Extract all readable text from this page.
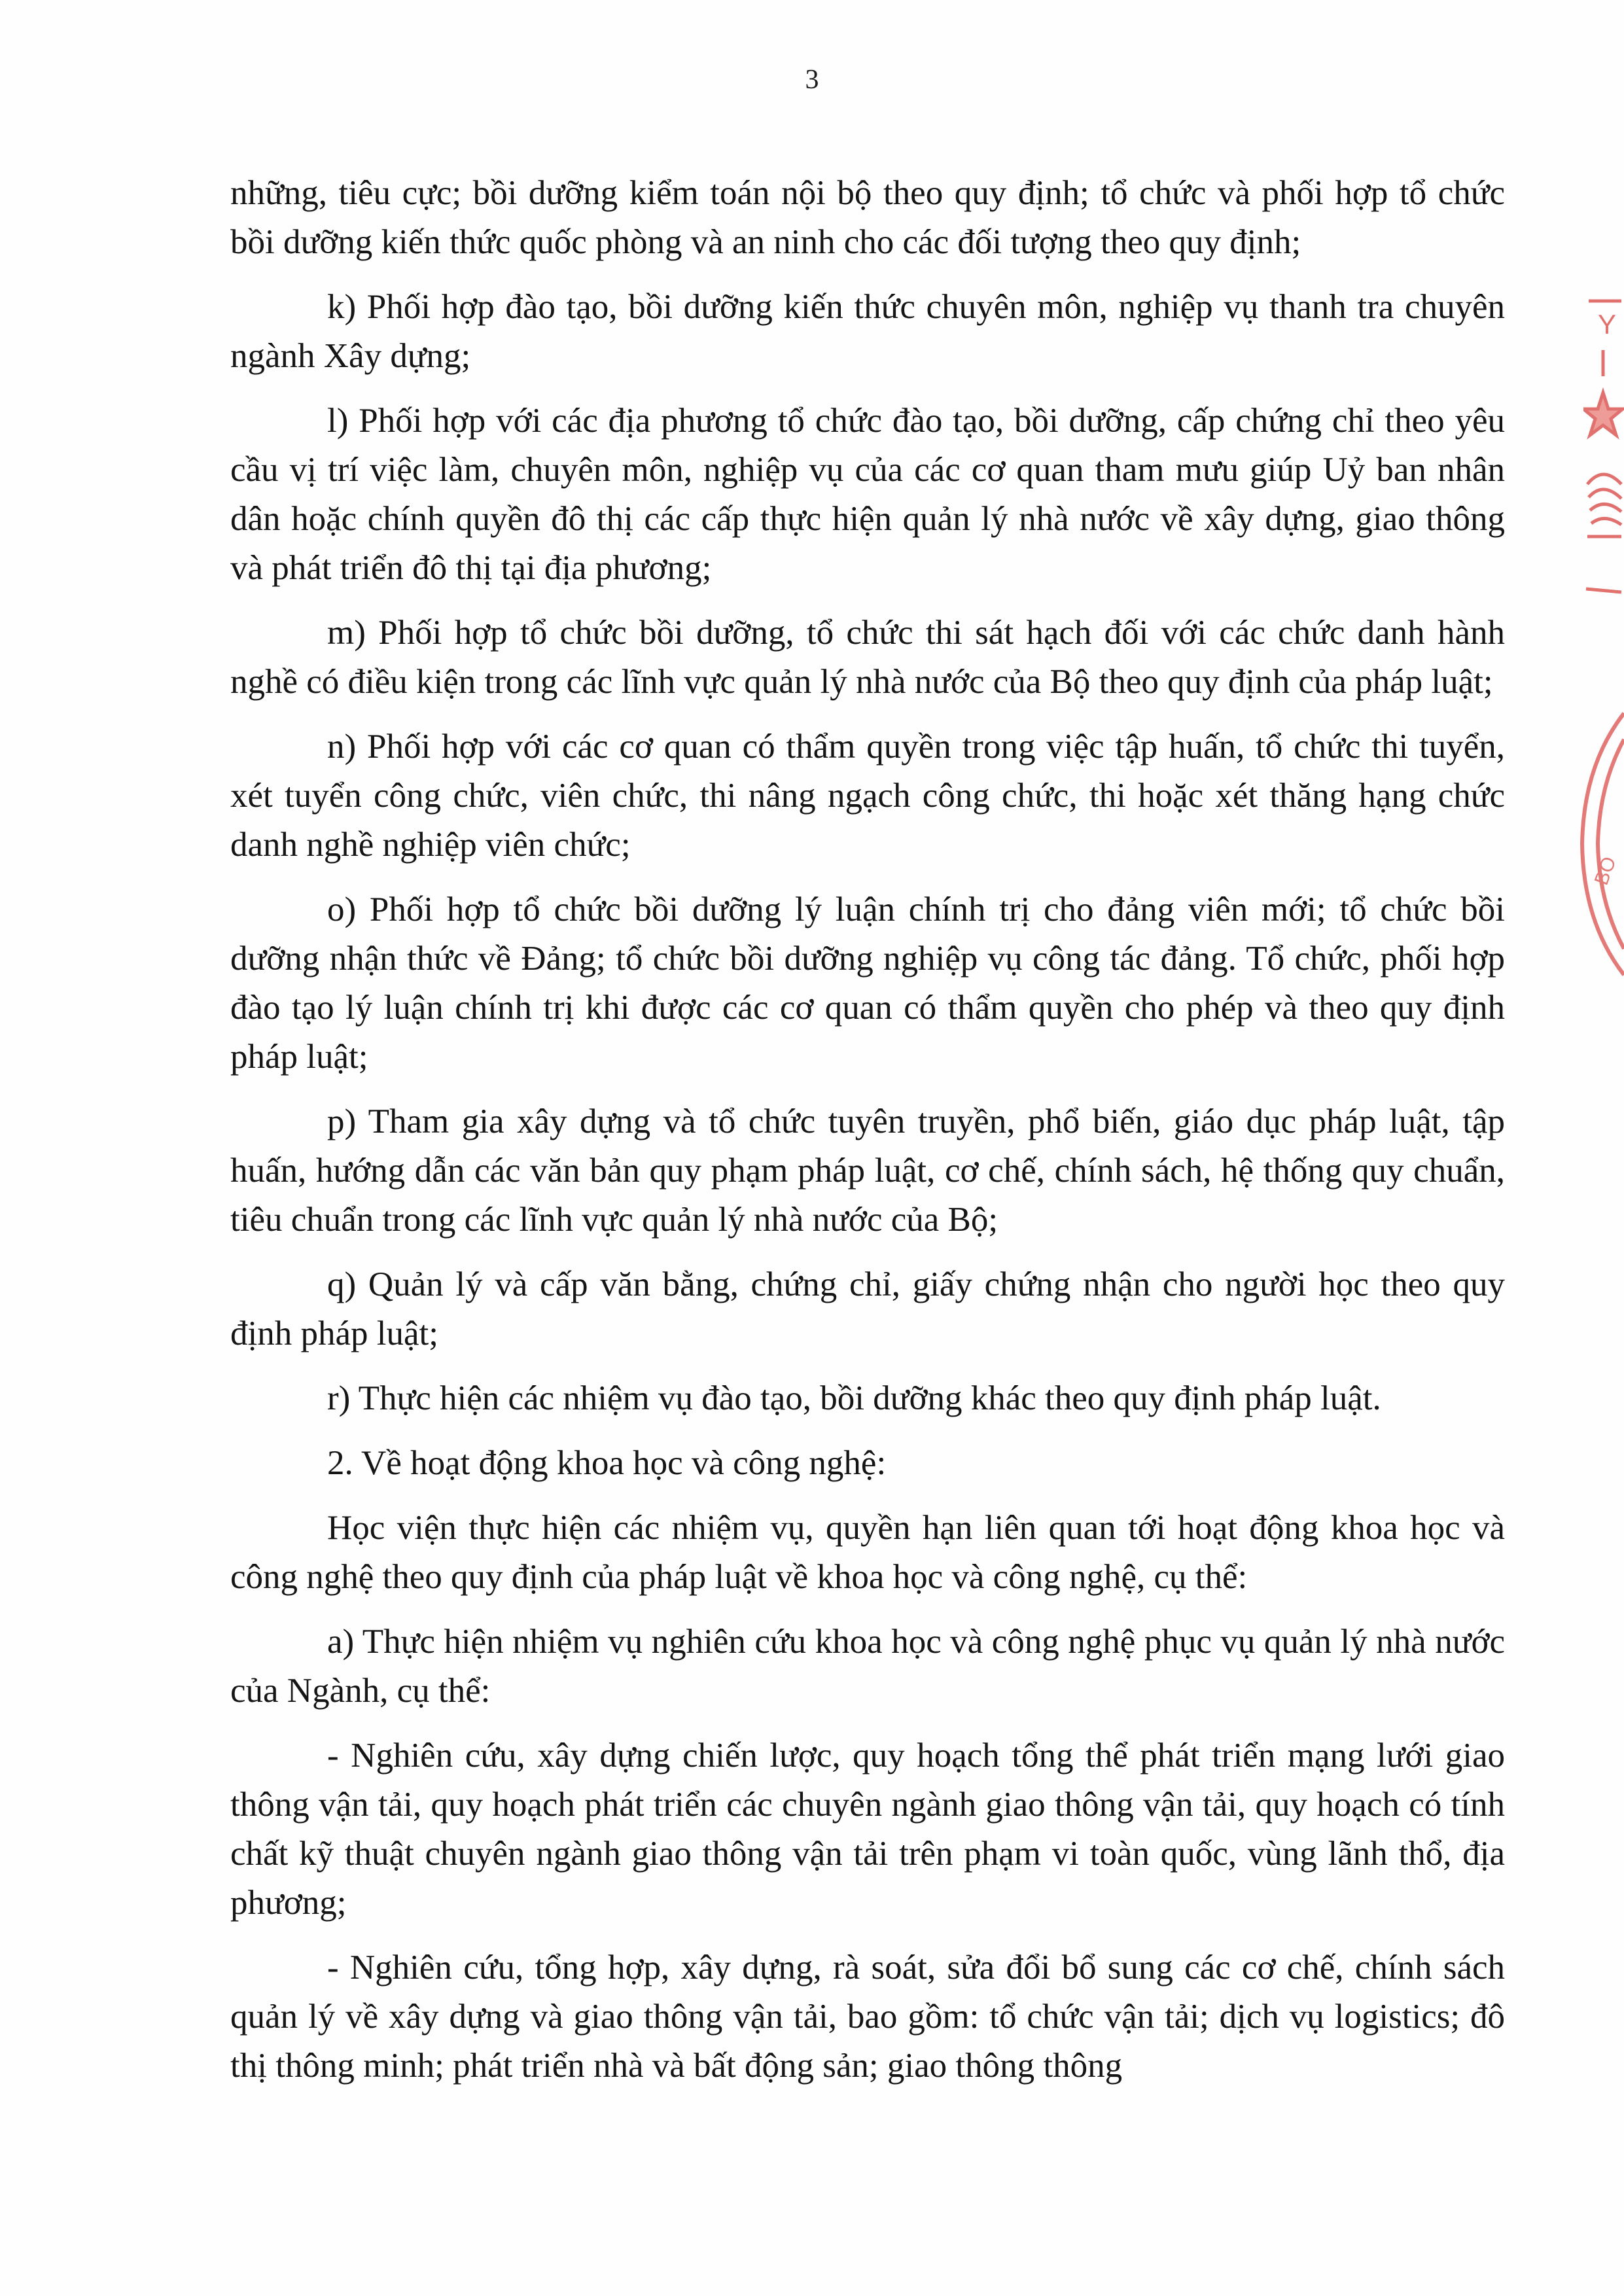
3

những, tiêu cực; bồi dưỡng kiểm toán nội bộ theo quy định; tổ chức và phối hợp tổ chức bồi dưỡng kiến thức quốc phòng và an ninh cho các đối tượng theo quy định;

k) Phối hợp đào tạo, bồi dưỡng kiến thức chuyên môn, nghiệp vụ thanh tra chuyên ngành Xây dựng;

l) Phối hợp với các địa phương tổ chức đào tạo, bồi dưỡng, cấp chứng chỉ theo yêu cầu vị trí việc làm, chuyên môn, nghiệp vụ của các cơ quan tham mưu giúp Uỷ ban nhân dân hoặc chính quyền đô thị các cấp thực hiện quản lý nhà nước về xây dựng, giao thông và phát triển đô thị tại địa phương;

m) Phối hợp tổ chức bồi dưỡng, tổ chức thi sát hạch đối với các chức danh hành nghề có điều kiện trong các lĩnh vực quản lý nhà nước của Bộ theo quy định của pháp luật;

n) Phối hợp với các cơ quan có thẩm quyền trong việc tập huấn, tổ chức thi tuyển, xét tuyển công chức, viên chức, thi nâng ngạch công chức, thi hoặc xét thăng hạng chức danh nghề nghiệp viên chức;

o) Phối hợp tổ chức bồi dưỡng lý luận chính trị cho đảng viên mới; tổ chức bồi dưỡng nhận thức về Đảng; tổ chức bồi dưỡng nghiệp vụ công tác đảng. Tổ chức, phối hợp đào tạo lý luận chính trị khi được các cơ quan có thẩm quyền cho phép và theo quy định pháp luật;

p) Tham gia xây dựng và tổ chức tuyên truyền, phổ biến, giáo dục pháp luật, tập huấn, hướng dẫn các văn bản quy phạm pháp luật, cơ chế, chính sách, hệ thống quy chuẩn, tiêu chuẩn trong các lĩnh vực quản lý nhà nước của Bộ;

q) Quản lý và cấp văn bằng, chứng chỉ, giấy chứng nhận cho người học theo quy định pháp luật;

r) Thực hiện các nhiệm vụ đào tạo, bồi dưỡng khác theo quy định pháp luật.

2. Về hoạt động khoa học và công nghệ:

Học viện thực hiện các nhiệm vụ, quyền hạn liên quan tới hoạt động khoa học và công nghệ theo quy định của pháp luật về khoa học và công nghệ, cụ thể:

a) Thực hiện nhiệm vụ nghiên cứu khoa học và công nghệ phục vụ quản lý nhà nước của Ngành, cụ thể:

- Nghiên cứu, xây dựng chiến lược, quy hoạch tổng thể phát triển mạng lưới giao thông vận tải, quy hoạch phát triển các chuyên ngành giao thông vận tải, quy hoạch có tính chất kỹ thuật chuyên ngành giao thông vận tải trên phạm vi toàn quốc, vùng lãnh thổ, địa phương;

- Nghiên cứu, tổng hợp, xây dựng, rà soát, sửa đổi bổ sung các cơ chế, chính sách quản lý về xây dựng và giao thông vận tải, bao gồm: tổ chức vận tải; dịch vụ logistics; đô thị thông minh; phát triển nhà và bất động sản; giao thông thông

Y
BÔ
